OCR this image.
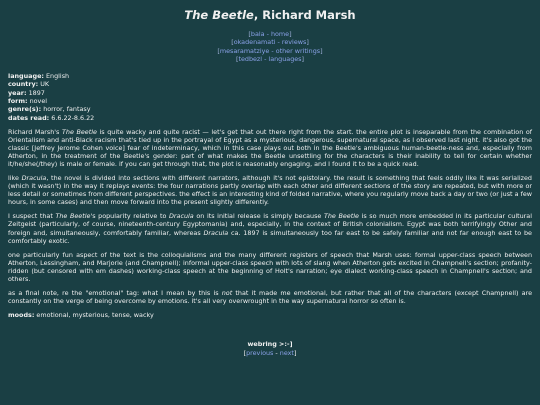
The Beetle, Richard Marsh
[bala - home]
[okadenamati - reviews]
[mesaramatziye - other writings]
[tedbezl - languages]
language: English
country: UK
year: 1897
form: novel
genre(s): horror, fantasy
dates read: 6.6.22-8.6.22

Richard Marsh's The Beetle is quite wacky and quite racist — let's get that out there right from the start. the entire plot is inseparable from the combination of Orientalism and anti-Black racism that's tied up in the portrayal of Egypt as a mysterious, dangerous, supernatural space, as I observed last night. it's also got the classic [Jeffrey Jerome Cohen voice] fear of indeterminacy, which in this case plays out both in the Beetle's ambiguous human-beetle-ness and, especially from Atherton, in the treatment of the Beetle's gender: part of what makes the Beetle unsettling for the characters is their inability to tell for certain whether it/he/she(/they) is male or female. if you can get through that, the plot is reasonably engaging, and I found it to be a quick read.

like Dracula, the novel is divided into sections with different narrators, although it's not epistolary. the result is something that feels oddly like it was serialized (which it wasn't) in the way it replays events: the four narrations partly overlap with each other and different sections of the story are repeated, but with more or less detail or sometimes from different perspectives. the effect is an interesting kind of folded narrative, where you regularly move back a day or two (or just a few hours, in some cases) and then move forward into the present slightly differently.

I suspect that The Beetle's popularity relative to Dracula on its initial release is simply because The Beetle is so much more embedded in its particular cultural Zeitgeist (particularly, of course, nineteenth-century Egyptomania) and, especially, in the context of British colonialism. Egypt was both terrifyingly Other and foreign and, simultaneously, comfortably familiar, whereas Dracula ca. 1897 is simultaneously too far east to be safely familiar and not far enough east to be comfortably exotic.

one particularly fun aspect of the text is the colloquialisms and the many different registers of speech that Marsh uses: formal upper-class speech between Atherton, Lessingham, and Marjorie (and Champnell); informal upper-class speech with lots of slang when Atherton gets excited in Champnell's section; profanity-ridden (but censored with em dashes) working-class speech at the beginning of Holt's narration; eye dialect working-class speech in Champnell's section; and others.

as a final note, re the "emotional" tag: what I mean by this is not that it made me emotional, but rather that all of the characters (except Champnell) are constantly on the verge of being overcome by emotions. it's all very overwrought in the way supernatural horror so often is.

moods: emotional, mysterious, tense, wacky

webring >:-]
[previous - next]
